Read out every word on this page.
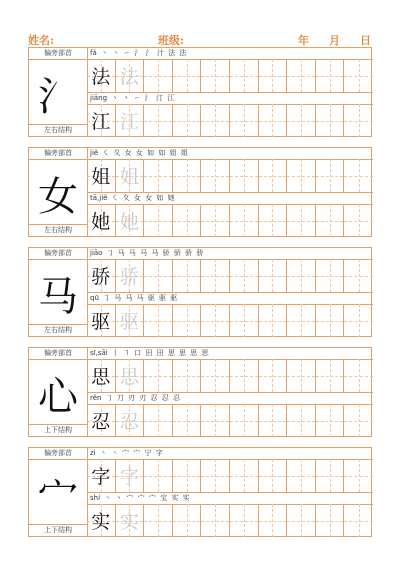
姓名:	班级:	年 月 日
偏旁部首
氵
左右结构
fǎ 丶 丶 ㇀ 氵 氵 汁 法 法
法 法
jiāng 丶 丶 ㇀ 氵 汀 江
江 江
偏旁部首
女
左右结构
jiě ㇛ 夂 女 女 如 如 姐 姐
姐 姐
tā,jiě ㇛ 夂 女 女 如 她
她 她
偏旁部首
马
左右结构
jiāo ㇆ 马 马 马 马 骄 骄 骄 骄
骄 骄
qū ㇆ 马 马 马 驱 驱 驱
驱 驱
偏旁部首
心
上下结构
sī,sāi 丨 ㇕ 口 田 田 思 思 思 思
思 思
rěn ㇆ 刀 刃 刃 忍 忍 忍
忍 忍
偏旁部首
宀
上下结构
zì 丶 丶 宀 宀 宁 字
字 字
shí 丶 丶 宀 宀 宀 宝 实 实
实 实
